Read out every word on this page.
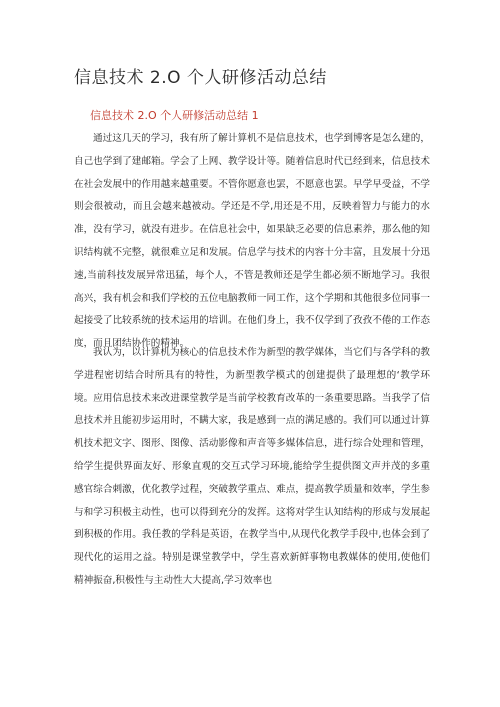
信息技术 2.O 个人研修活动总结
信息技术 2.O 个人研修活动总结 1

通过这几天的学习，我有所了解计算机不是信息技术，也学到博客是怎么建的，自己也学到了建邮箱。学会了上网、教学设计等。随着信息时代已经到来，信息技术在社会发展中的作用越来越重要。不管你愿意也罢，不愿意也罢。早学早受益，不学则会很被动，而且会越来越被动。学还是不学,用还是不用，反映着智力与能力的水准，没有学习，就没有进步。在信息社会中，如果缺乏必要的信息素养，那么他的知识结构就不完整，就很难立足和发展。信息学与技术的内容十分丰富，且发展十分迅速,当前科技发展异常迅猛，每个人，不管是教师还是学生都必须不断地学习。我很高兴，我有机会和我们学校的五位电脑教师一同工作，这个学期和其他很多位同事一起接受了比较系统的技术运用的培训。在他们身上，我不仅学到了孜孜不倦的工作态度，而且团结协作的精神。

我认为，以计算机为核心的信息技术作为新型的教学媒体，当它们与各学科的教学进程密切结合时所具有的特性，为新型教学模式的创建提供了最理想的‘教学环境。应用信息技术来改进课堂教学是当前学校教育改革的一条重要思路。当我学了信息技术并且能初步运用时，不瞒大家，我是感到一点的满足感的。我们可以通过计算机技术把文字、图形、图像、活动影像和声音等多媒体信息，进行综合处理和管理，给学生提供界面友好、形象直观的交互式学习环境,能给学生提供图文声并茂的多重感官综合刺激，优化教学过程，突破教学重点、难点，提高教学质量和效率，学生参与和学习积极主动性，也可以得到充分的发挥。这将对学生认知结构的形成与发展起到积极的作用。我任教的学科是英语，在教学当中,从现代化教学手段中,也体会到了现代化的运用之益。特别是课堂教学中，学生喜欢新鲜事物电教媒体的使用,使他们精神振奋,积极性与主动性大大提高,学习效率也
